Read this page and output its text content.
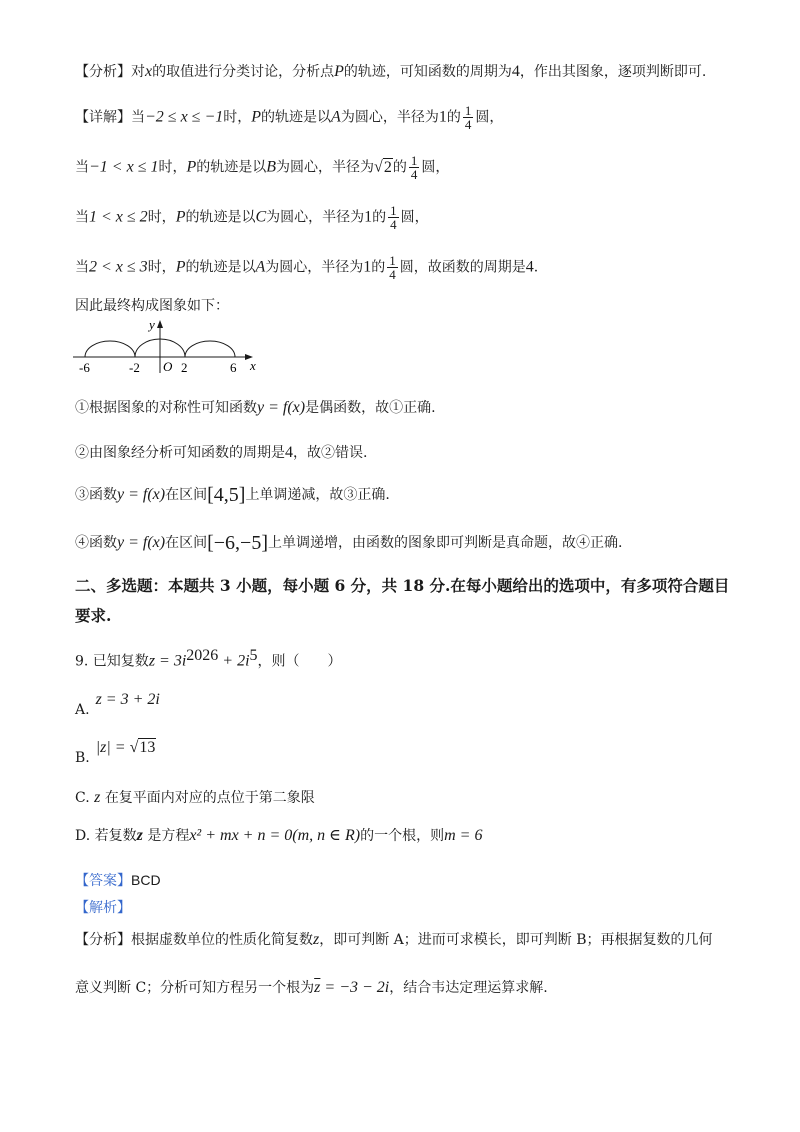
【分析】对x的取值进行分类讨论，分析点P的轨迹，可知函数的周期为4，作出其图象，逐项判断即可.
【详解】当−2 ≤ x ≤ −1时，P的轨迹是以A为圆心，半径为1的 $\frac{1}{4}$ 圆，
当−1 < x ≤ 1时，P的轨迹是以B为圆心，半径为√2的 $\frac{1}{4}$ 圆，
当1 < x ≤ 2时，P的轨迹是以C为圆心，半径为1的 $\frac{1}{4}$ 圆，
当2 < x ≤ 3时，P的轨迹是以A为圆心，半径为1的 $\frac{1}{4}$ 圆，故函数的周期是4.
因此最终构成图象如下：
y
x
O
-6	-2	2	6
①根据图象的对称性可知函数y = f(x)是偶函数，故①正确.
②由图象经分析可知函数的周期是4，故②错误.
③函数y = f(x)在区间[4,5]上单调递减，故③正确.
④函数y = f(x)在区间[−6,−5]上单调递增，由函数的图象即可判断是真命题，故④正确.
二、多选题：本题共 3 小题，每小题 6 分，共 18 分.在每小题给出的选项中，有多项符合题目
要求.
9. 已知复数$z = 3i^{2026} + 2i^5$，则（　　）
A.z = 3 + 2i
B.|z| = √13
C. z 在复平面内对应的点位于第二象限
D. 若复数z 是方程x² + mx + n = 0(m, n ∈ R)的一个根，则m = 6
【答案】BCD
【解析】
【分析】根据虚数单位的性质化简复数z，即可判断 A；进而可求模长，即可判断 B；再根据复数的几何
意义判断 C；分析可知方程另一个根为$\overline{z} = -3 - 2i$，结合韦达定理运算求解.
